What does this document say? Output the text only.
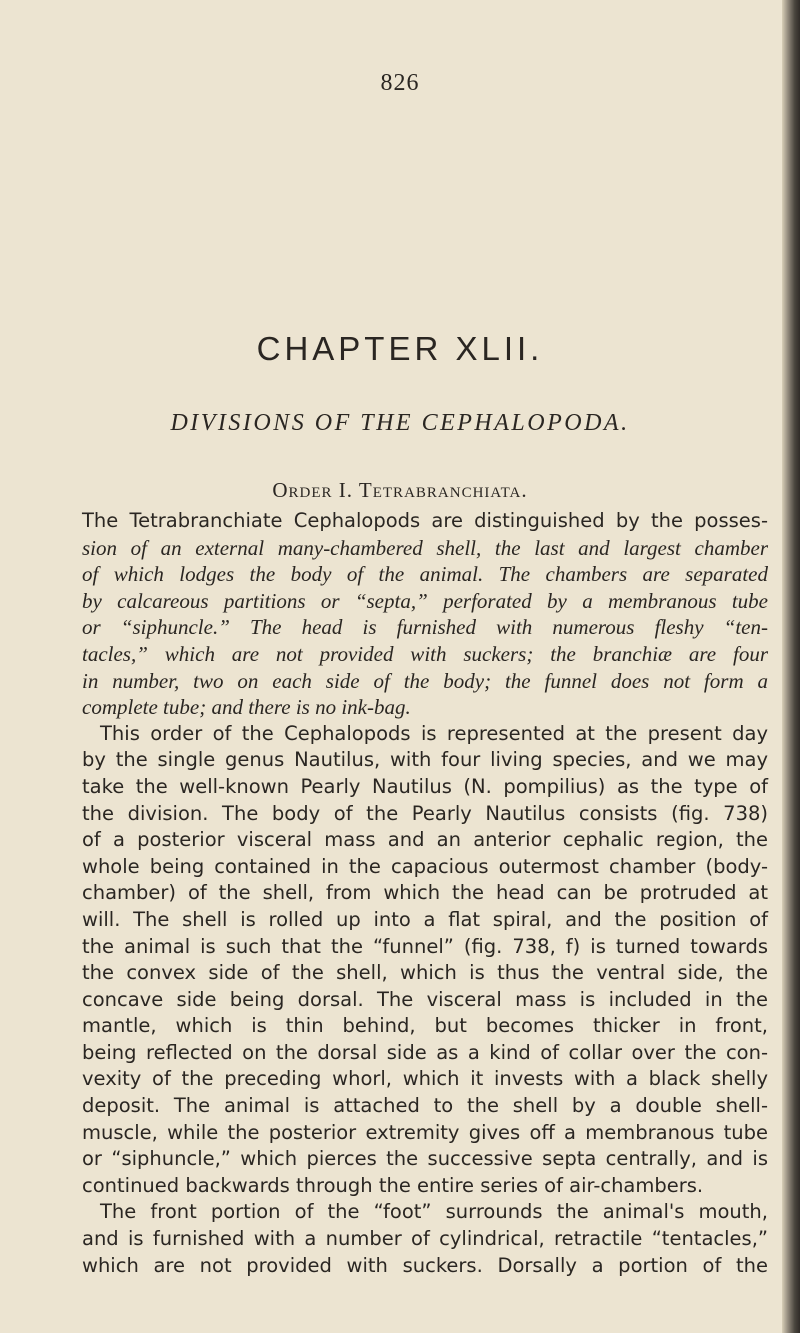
826
CHAPTER XLII.
DIVISIONS OF THE CEPHALOPODA.
Order I. Tetrabranchiata.
The Tetrabranchiate Cephalopods are distinguished by the posses-
sion of an external many-chambered shell, the last and largest chamber
of which lodges the body of the animal. The chambers are separated
by calcareous partitions or “septa,” perforated by a membranous tube
or “siphuncle.” The head is furnished with numerous fleshy “ten-
tacles,” which are not provided with suckers; the branchiæ are four
in number, two on each side of the body; the funnel does not form a
complete tube; and there is no ink-bag.
This order of the Cephalopods is represented at the present day
by the single genus Nautilus, with four living species, and we may
take the well-known Pearly Nautilus (N. pompilius) as the type of
the division. The body of the Pearly Nautilus consists (fig. 738)
of a posterior visceral mass and an anterior cephalic region, the
whole being contained in the capacious outermost chamber (body-
chamber) of the shell, from which the head can be protruded at
will. The shell is rolled up into a flat spiral, and the position of
the animal is such that the “funnel” (fig. 738, f) is turned towards
the convex side of the shell, which is thus the ventral side, the
concave side being dorsal. The visceral mass is included in the
mantle, which is thin behind, but becomes thicker in front,
being reflected on the dorsal side as a kind of collar over the con-
vexity of the preceding whorl, which it invests with a black shelly
deposit. The animal is attached to the shell by a double shell-
muscle, while the posterior extremity gives off a membranous tube
or “siphuncle,” which pierces the successive septa centrally, and is
continued backwards through the entire series of air-chambers.
The front portion of the “foot” surrounds the animal's mouth,
and is furnished with a number of cylindrical, retractile “tentacles,”
which are not provided with suckers. Dorsally a portion of the
